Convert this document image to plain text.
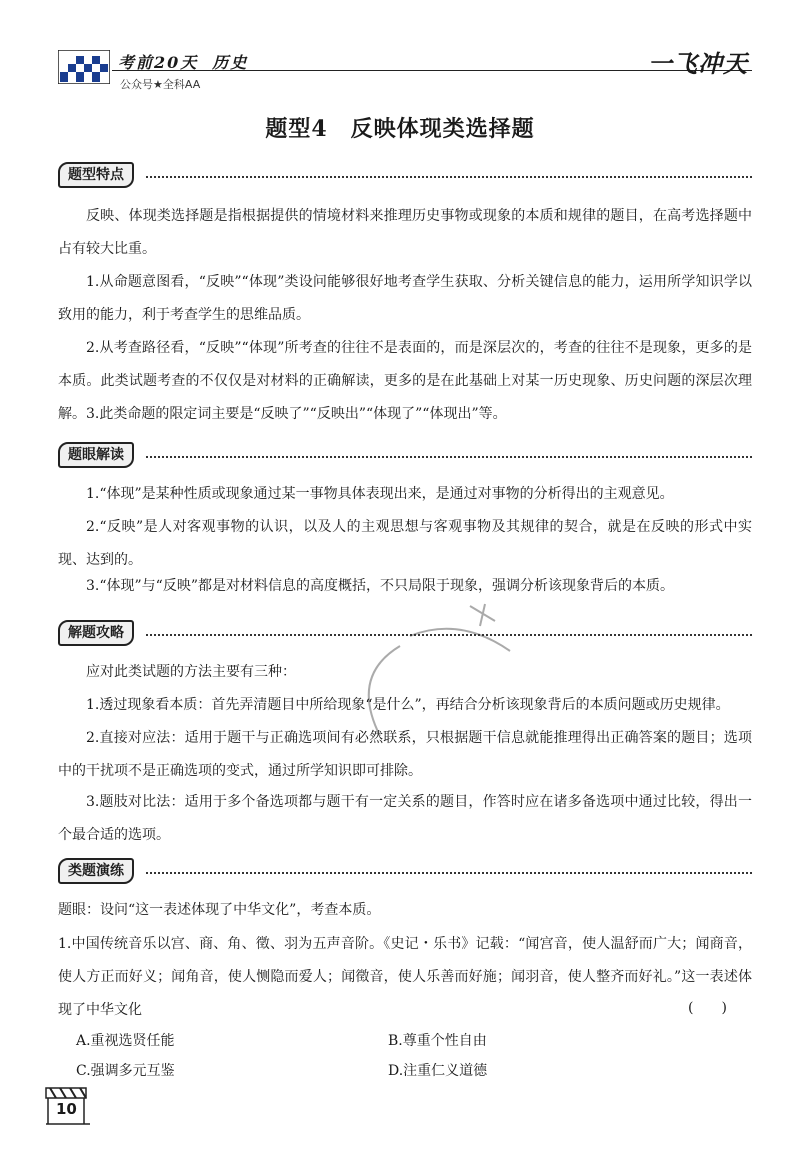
考前20天 历史
公众号★全科AA
一飞冲天
题型4　反映体现类选择题
题型特点

反映、体现类选择题是指根据提供的情境材料来推理历史事物或现象的本质和规律的题目，在高考选择题中占有较大比重。

1.从命题意图看，“反映”“体现”类设问能够很好地考查学生获取、分析关键信息的能力，运用所学知识学以致用的能力，利于考查学生的思维品质。

2.从考查路径看，“反映”“体现”所考查的往往不是表面的，而是深层次的，考查的往往不是现象，更多的是本质。此类试题考查的不仅仅是对材料的正确解读，更多的是在此基础上对某一历史现象、历史问题的深层次理解。 3.此类命题的限定词主要是“反映了”“反映出”“体现了”“体现出”等。

题眼解读

1.“体现”是某种性质或现象通过某一事物具体表现出来，是通过对事物的分析得出的主观意见。

2.“反映”是人对客观事物的认识，以及人的主观思想与客观事物及其规律的契合，就是在反映的形式中实现、达到的。

3.“体现”与“反映”都是对材料信息的高度概括，不只局限于现象，强调分析该现象背后的本质。

解题攻略

应对此类试题的方法主要有三种：

1.透过现象看本质：首先弄清题目中所给现象“是什么”，再结合分析该现象背后的本质问题或历史规律。

2.直接对应法：适用于题干与正确选项间有必然联系，只根据题干信息就能推理得出正确答案的题目；选项中的干扰项不是正确选项的变式，通过所学知识即可排除。

3.题肢对比法：适用于多个备选项都与题干有一定关系的题目，作答时应在诸多备选项中通过比较，得出一个最合适的选项。

类题演练

题眼：设问“这一表述体现了中华文化”，考查本质。

1.中国传统音乐以宫、商、角、徵、羽为五声音阶。《史记・乐书》记载：“闻宫音，使人温舒而广大；闻商音，使人方正而好义；闻角音，使人恻隐而爱人；闻徵音，使人乐善而好施；闻羽音，使人整齐而好礼。”这一表述体现了中华文化	(　　)
A.重视选贤任能	B.尊重个性自由
C.强调多元互鉴	D.注重仁义道德
10
